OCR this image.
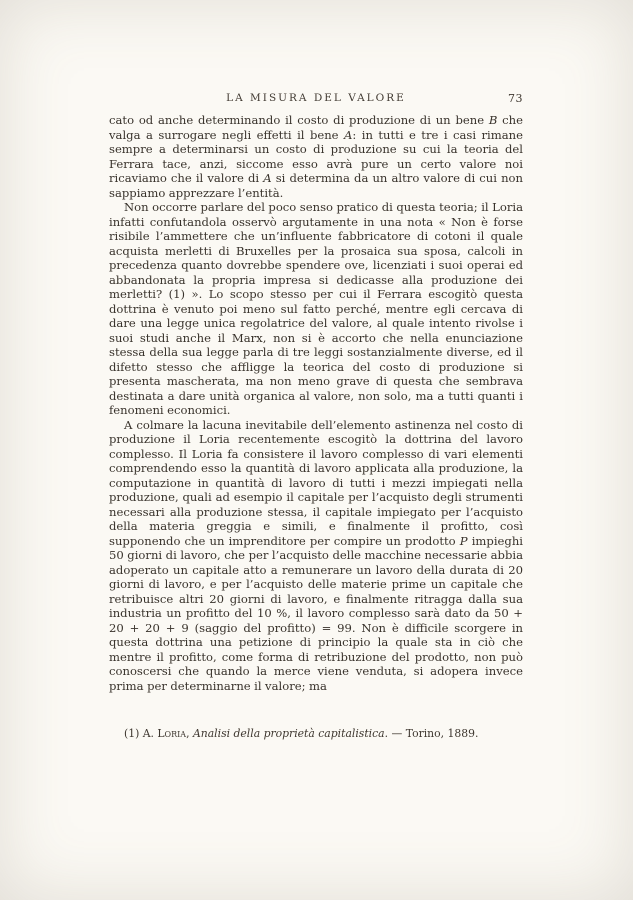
LA MISURA DEL VALORE	73

cato od anche determinando il costo di produzione di un bene B che valga a surrogare negli effetti il bene A: in tutti e tre i casi rimane sempre a determinarsi un costo di produzione su cui la teoria del Ferrara tace, anzi, siccome esso avrà pure un certo valore noi ricaviamo che il valore di A si determina da un altro valore di cui non sappiamo apprezzare l’entità.

Non occorre parlare del poco senso pratico di questa teoria; il Loria infatti confutandola osservò argutamente in una nota « Non è forse risibile l’ammettere che un’influente fabbricatore di cotoni il quale acquista merletti di Bruxelles per la prosaica sua sposa, calcoli in precedenza quanto dovrebbe spendere ove, licenziati i suoi operai ed abbandonata la propria impresa si dedicasse alla produzione dei merletti? (1) ». Lo scopo stesso per cui il Ferrara escogitò questa dottrina è venuto poi meno sul fatto perché, mentre egli cercava di dare una legge unica regolatrice del valore, al quale intento rivolse i suoi studi anche il Marx, non si è accorto che nella enunciazione stessa della sua legge parla di tre leggi sostanzialmente diverse, ed il difetto stesso che affligge la teorica del costo di produzione si presenta mascherata, ma non meno grave di questa che sembrava destinata a dare unità organica al valore, non solo, ma a tutti quanti i fenomeni economici.

A colmare la lacuna inevitabile dell’elemento astinenza nel costo di produzione il Loria recentemente escogitò la dottrina del lavoro complesso. Il Loria fa consistere il lavoro complesso di vari elementi comprendendo esso la quantità di lavoro applicata alla produzione, la computazione in quantità di lavoro di tutti i mezzi impiegati nella produzione, quali ad esempio il capitale per l’acquisto degli strumenti necessari alla produzione stessa, il capitale impiegato per l’acquisto della materia greggia e simili, e finalmente il profitto, così supponendo che un imprenditore per compire un prodotto P impieghi 50 giorni di lavoro, che per l’acquisto delle macchine necessarie abbia adoperato un capitale atto a remunerare un lavoro della durata di 20 giorni di lavoro, e per l’acquisto delle materie prime un capitale che retribuisce altri 20 giorni di lavoro, e finalmente ritragga dalla sua industria un profitto del 10 %, il lavoro complesso sarà dato da 50 + 20 + 20 + 9 (saggio del profitto) = 99. Non è difficile scorgere in questa dottrina una petizione di principio la quale sta in ciò che mentre il profitto, come forma di retribuzione del prodotto, non può conoscersi che quando la merce viene venduta, si adopera invece prima per determinarne il valore; ma

(1) A. Loria, Analisi della proprietà capitalistica. — Torino, 1889.
